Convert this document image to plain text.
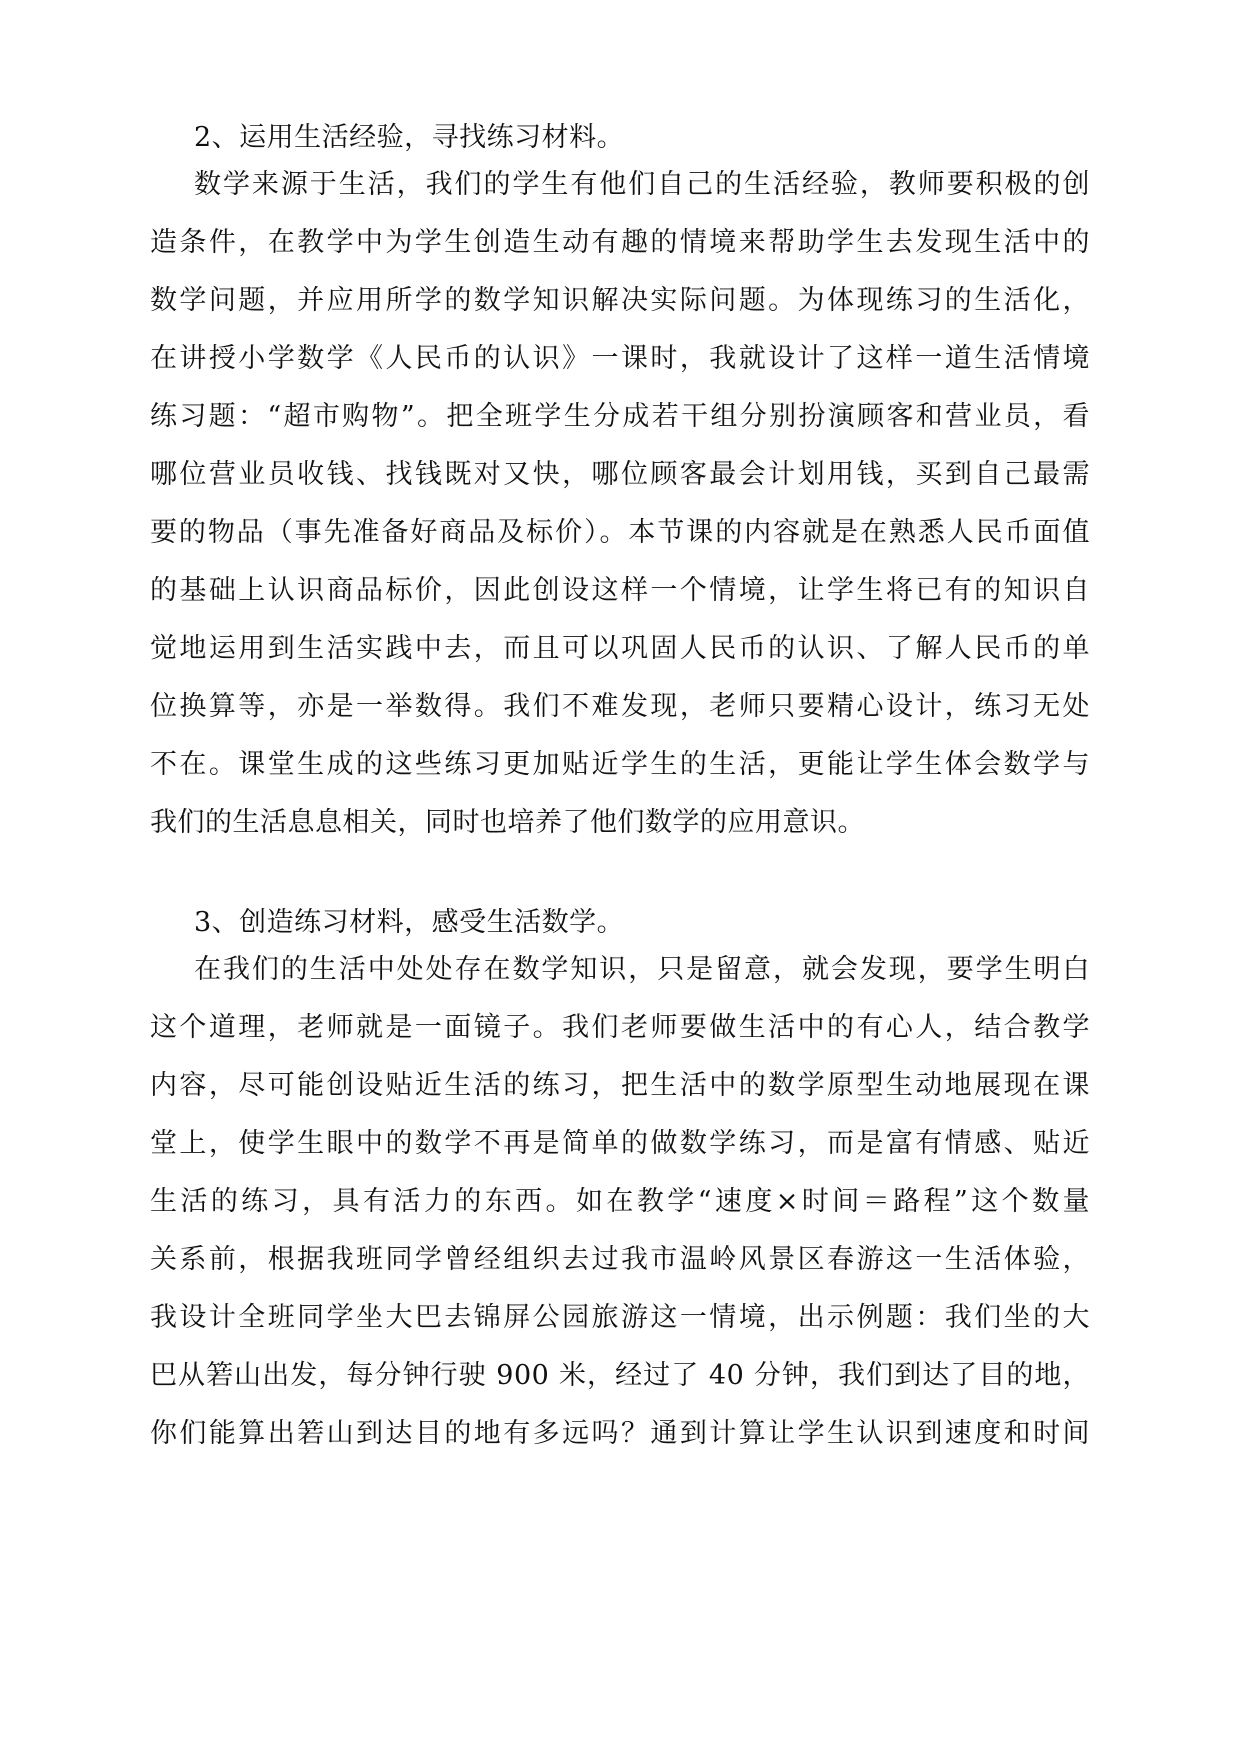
2、运用生活经验，寻找练习材料。
数学来源于生活，我们的学生有他们自己的生活经验，教师要积极的创
造条件，在教学中为学生创造生动有趣的情境来帮助学生去发现生活中的
数学问题，并应用所学的数学知识解决实际问题。为体现练习的生活化，
在讲授小学数学《人民币的认识》一课时，我就设计了这样一道生活情境
练习题：“超市购物”。把全班学生分成若干组分别扮演顾客和营业员，看
哪位营业员收钱、找钱既对又快，哪位顾客最会计划用钱，买到自己最需
要的物品（事先准备好商品及标价）。本节课的内容就是在熟悉人民币面值
的基础上认识商品标价，因此创设这样一个情境，让学生将已有的知识自
觉地运用到生活实践中去，而且可以巩固人民币的认识、了解人民币的单
位换算等，亦是一举数得。我们不难发现，老师只要精心设计，练习无处
不在。课堂生成的这些练习更加贴近学生的生活，更能让学生体会数学与
我们的生活息息相关，同时也培养了他们数学的应用意识。
3、创造练习材料，感受生活数学。
在我们的生活中处处存在数学知识，只是留意，就会发现，要学生明白
这个道理，老师就是一面镜子。我们老师要做生活中的有心人，结合教学
内容，尽可能创设贴近生活的练习，把生活中的数学原型生动地展现在课
堂上，使学生眼中的数学不再是简单的做数学练习，而是富有情感、贴近
生活的练习，具有活力的东西。如在教学“速度×时间＝路程”这个数量
关系前，根据我班同学曾经组织去过我市温岭风景区春游这一生活体验，
我设计全班同学坐大巴去锦屏公园旅游这一情境，出示例题：我们坐的大
巴从箬山出发，每分钟行驶 900 米，经过了 40 分钟，我们到达了目的地，
你们能算出箬山到达目的地有多远吗？通到计算让学生认识到速度和时间
